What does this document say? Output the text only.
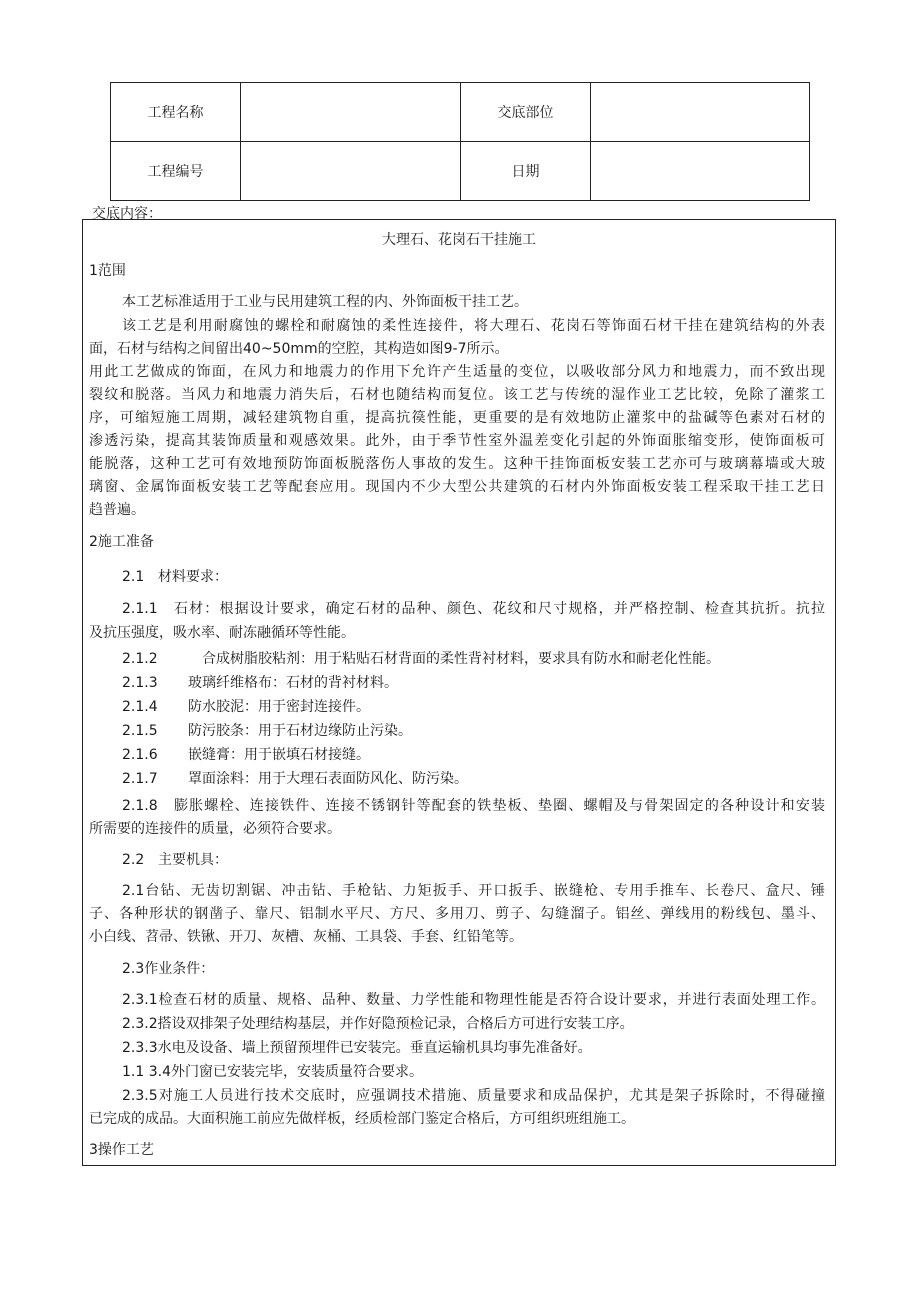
工程名称		交底部位	
工程编号		日期	
交底内容：
大理石、花岗石干挂施工
1范围
本工艺标准适用于工业与民用建筑工程的内、外饰面板干挂工艺。
该工艺是利用耐腐蚀的螺栓和耐腐蚀的柔性连接件，将大理石、花岗石等饰面石材干挂在建筑结构的外表
面，石材与结构之间留出40~50mm的空腔，其构造如图9-7所示。
用此工艺做成的饰面，在风力和地震力的作用下允许产生适量的变位，以吸收部分风力和地震力，而不致出现
裂纹和脱落。当风力和地震力消失后，石材也随结构而复位。该工艺与传统的湿作业工艺比较，免除了灌浆工
序，可缩短施工周期，减轻建筑物自重，提高抗篌性能，更重要的是有效地防止灌浆中的盐碱等色素对石材的
渗透污染，提高其装饰质量和观感效果。此外，由于季节性室外温差变化引起的外饰面胀缩变形，使饰面板可
能脱落，这种工艺可有效地预防饰面板脱落伤人事故的发生。这种干挂饰面板安装工艺亦可与玻璃幕墙或大玻
璃窗、金属饰面板安装工艺等配套应用。现国内不少大型公共建筑的石材内外饰面板安装工程采取干挂工艺日
趋普遍。
2施工准备
2.1 材料要求：
2.1.1　石材：根据设计要求，确定石材的品种、颜色、花纹和尺寸规格，并严格控制、检查其抗折。抗拉
及抗压强度，吸水率、耐冻融循环等性能。
2.1.2	合成树脂胶粘剂：用于粘贴石材背面的柔性背衬材料，要求具有防水和耐老化性能。
2.1.3 玻璃纤维格布：石材的背衬材料。
2.1.4 防水胶泥：用于密封连接件。
2.1.5 防污胶条：用于石材边缘防止污染。
2.1.6 嵌缝膏：用于嵌填石材接缝。
2.1.7 罩面涂料：用于大理石表面防风化、防污染。
2.1.8　膨胀螺栓、连接铁件、连接不锈钢针等配套的铁垫板、垫圈、螺帽及与骨架固定的各种设计和安装
所需要的连接件的质量，必须符合要求。
2.2 主要机具：
2.1台钻、无齿切割锯、冲击钻、手枪钻、力矩扳手、开口扳手、嵌缝枪、专用手推车、长卷尺、盒尺、锤
子、各种形状的钢凿子、靠尺、铝制水平尺、方尺、多用刀、剪子、勾缝溜子。铝丝、弹线用的粉线包、墨斗、
小白线、苕帚、铁锹、开刀、灰槽、灰桶、工具袋、手套、红铅笔等。
2.3作业条件：
2.3.1检查石材的质量、规格、品种、数量、力学性能和物理性能是否符合设计要求，并进行表面处理工作。
2.3.2搭设双排架子处理结构基层，并作好隐预检记录，合格后方可进行安装工序。
2.3.3水电及设备、墙上预留预埋件已安装完。垂直运输机具均事先准备好。
1.1 3.4外门窗已安装完毕，安装质量符合要求。
2.3.5对施工人员进行技术交底时，应强调技术措施、质量要求和成品保护，尤其是架子拆除时，不得碰撞
已完成的成品。大面积施工前应先做样板，经质检部门鉴定合格后，方可组织班组施工。
3操作工艺
